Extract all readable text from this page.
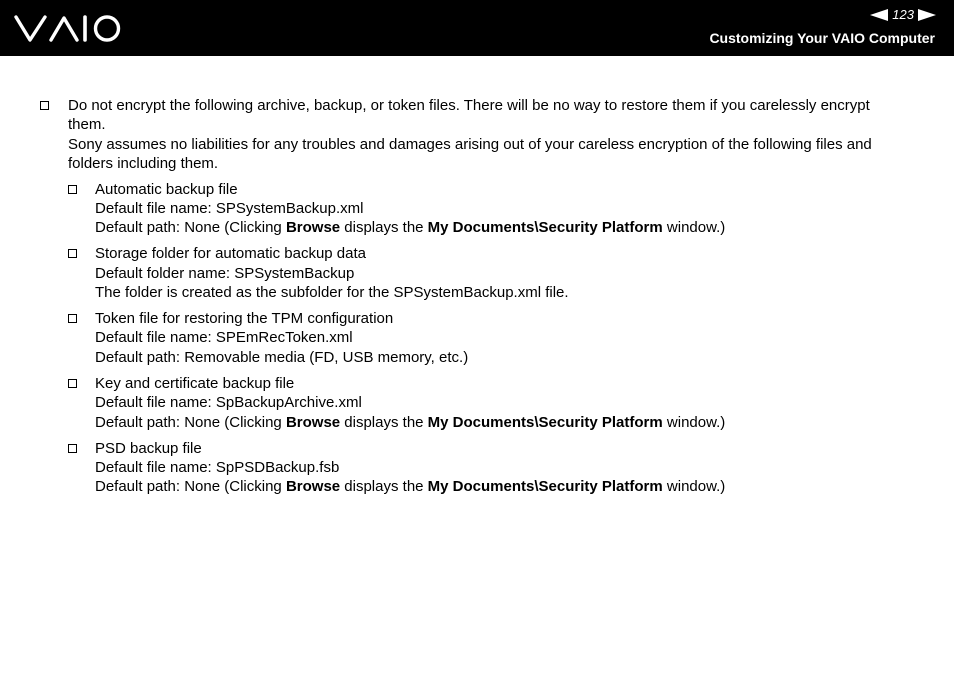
123
Customizing Your VAIO Computer
Do not encrypt the following archive, backup, or token files. There will be no way to restore them if you carelessly encrypt
them.
Sony assumes no liabilities for any troubles and damages arising out of your careless encryption of the following files and
folders including them.
Automatic backup file
Default file name: SPSystemBackup.xml
Default path: None (Clicking Browse displays the My Documents\Security Platform window.)
Storage folder for automatic backup data
Default folder name: SPSystemBackup
The folder is created as the subfolder for the SPSystemBackup.xml file.
Token file for restoring the TPM configuration
Default file name: SPEmRecToken.xml
Default path: Removable media (FD, USB memory, etc.)
Key and certificate backup file
Default file name: SpBackupArchive.xml
Default path: None (Clicking Browse displays the My Documents\Security Platform window.)
PSD backup file
Default file name: SpPSDBackup.fsb
Default path: None (Clicking Browse displays the My Documents\Security Platform window.)
